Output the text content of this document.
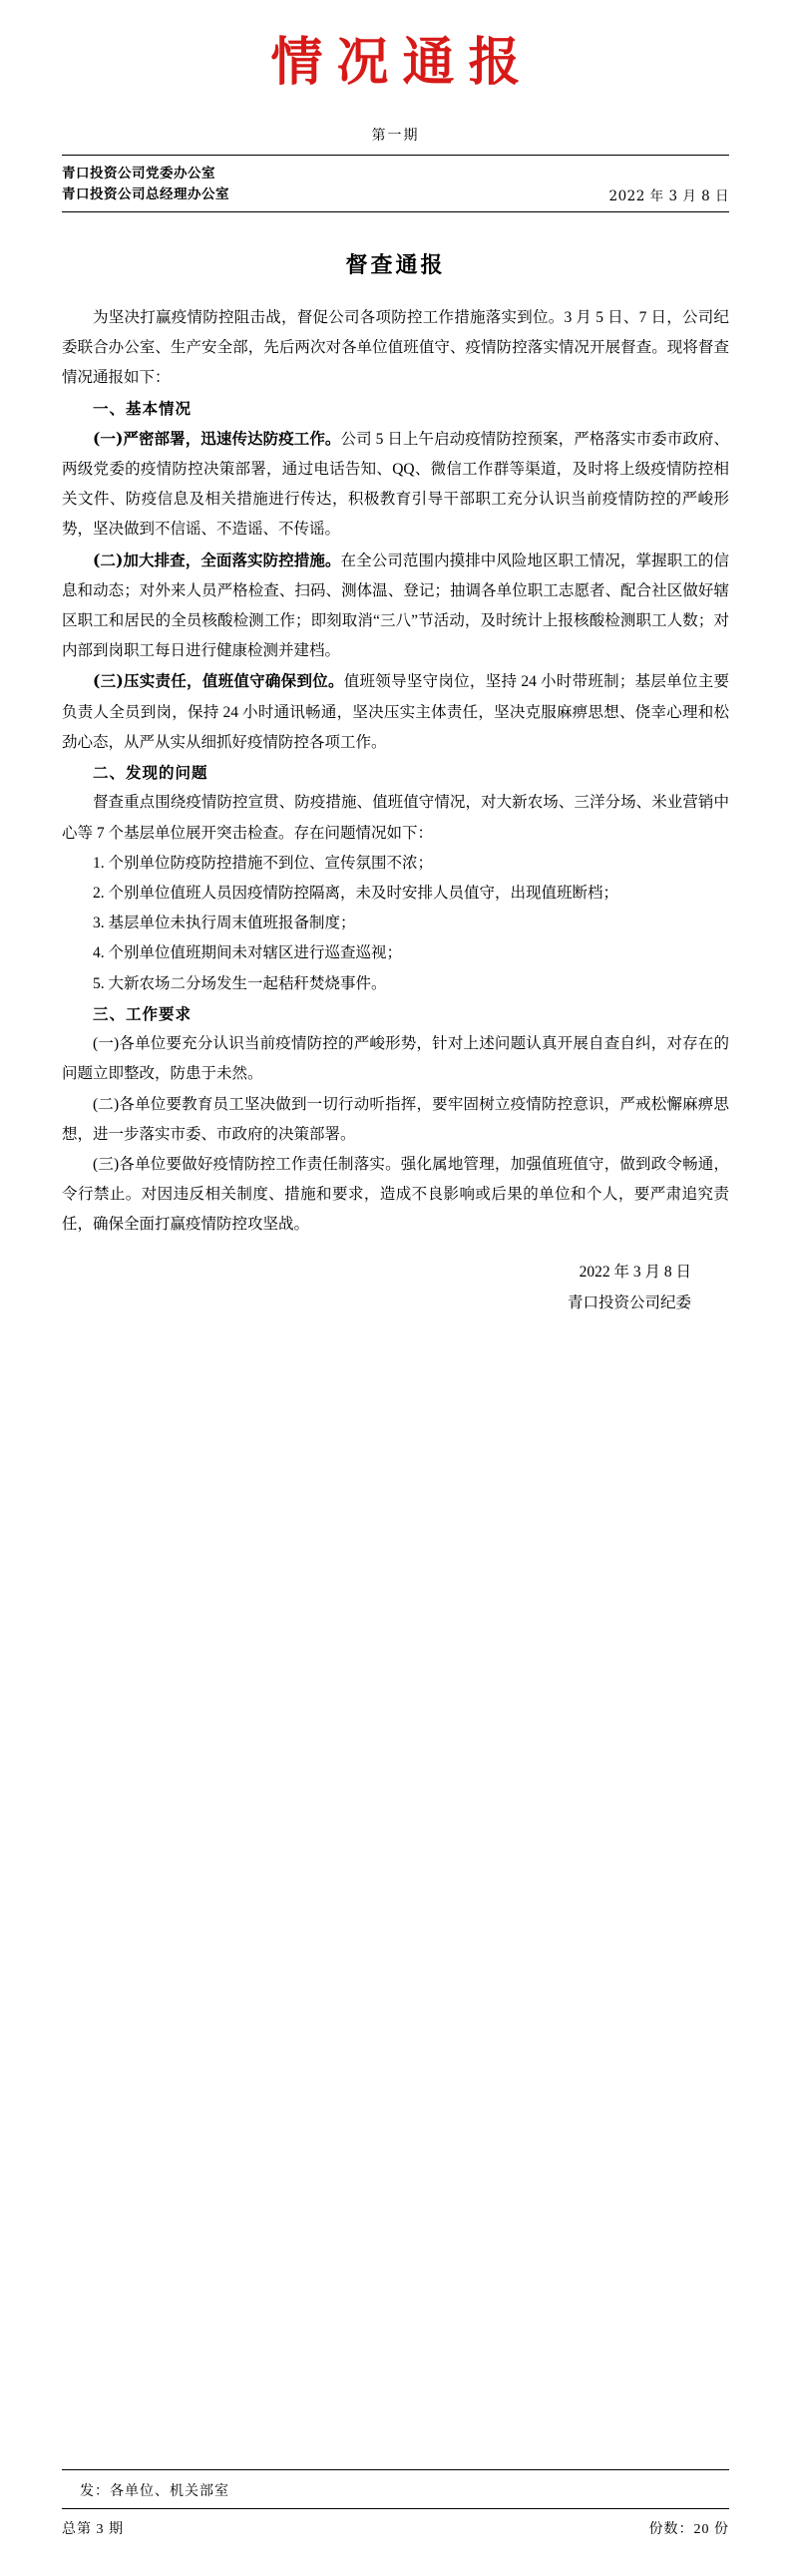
情况通报
第一期
青口投资公司党委办公室
青口投资公司总经理办公室	2022 年 3 月 8 日
督查通报

为坚决打赢疫情防控阻击战，督促公司各项防控工作措施落实到位。3 月 5 日、7 日，公司纪委联合办公室、生产安全部，先后两次对各单位值班值守、疫情防控落实情况开展督查。现将督查情况通报如下：

一、基本情况

(一)严密部署，迅速传达防疫工作。公司 5 日上午启动疫情防控预案，严格落实市委市政府、两级党委的疫情防控决策部署，通过电话告知、QQ、微信工作群等渠道，及时将上级疫情防控相关文件、防疫信息及相关措施进行传达，积极教育引导干部职工充分认识当前疫情防控的严峻形势，坚决做到不信谣、不造谣、不传谣。

(二)加大排查，全面落实防控措施。在全公司范围内摸排中风险地区职工情况，掌握职工的信息和动态；对外来人员严格检查、扫码、测体温、登记；抽调各单位职工志愿者、配合社区做好辖区职工和居民的全员核酸检测工作；即刻取消“三八”节活动，及时统计上报核酸检测职工人数；对内部到岗职工每日进行健康检测并建档。

(三)压实责任，值班值守确保到位。值班领导坚守岗位，坚持 24 小时带班制；基层单位主要负责人全员到岗，保持 24 小时通讯畅通，坚决压实主体责任，坚决克服麻痹思想、侥幸心理和松劲心态，从严从实从细抓好疫情防控各项工作。

二、发现的问题

督查重点围绕疫情防控宣贯、防疫措施、值班值守情况，对大新农场、三洋分场、米业营销中心等 7 个基层单位展开突击检查。存在问题情况如下：

1. 个别单位防疫防控措施不到位、宣传氛围不浓；

2. 个别单位值班人员因疫情防控隔离，未及时安排人员值守，出现值班断档；

3. 基层单位未执行周末值班报备制度；

4. 个别单位值班期间未对辖区进行巡查巡视；

5. 大新农场二分场发生一起秸秆焚烧事件。

三、工作要求

(一)各单位要充分认识当前疫情防控的严峻形势，针对上述问题认真开展自查自纠，对存在的问题立即整改，防患于未然。

(二)各单位要教育员工坚决做到一切行动听指挥，要牢固树立疫情防控意识，严戒松懈麻痹思想，进一步落实市委、市政府的决策部署。

(三)各单位要做好疫情防控工作责任制落实。强化属地管理，加强值班值守，做到政令畅通，令行禁止。对因违反相关制度、措施和要求，造成不良影响或后果的单位和个人，要严肃追究责任，确保全面打赢疫情防控攻坚战。

2022 年 3 月 8 日
青口投资公司纪委
发：各单位、机关部室
总第 3 期	份数：20 份
